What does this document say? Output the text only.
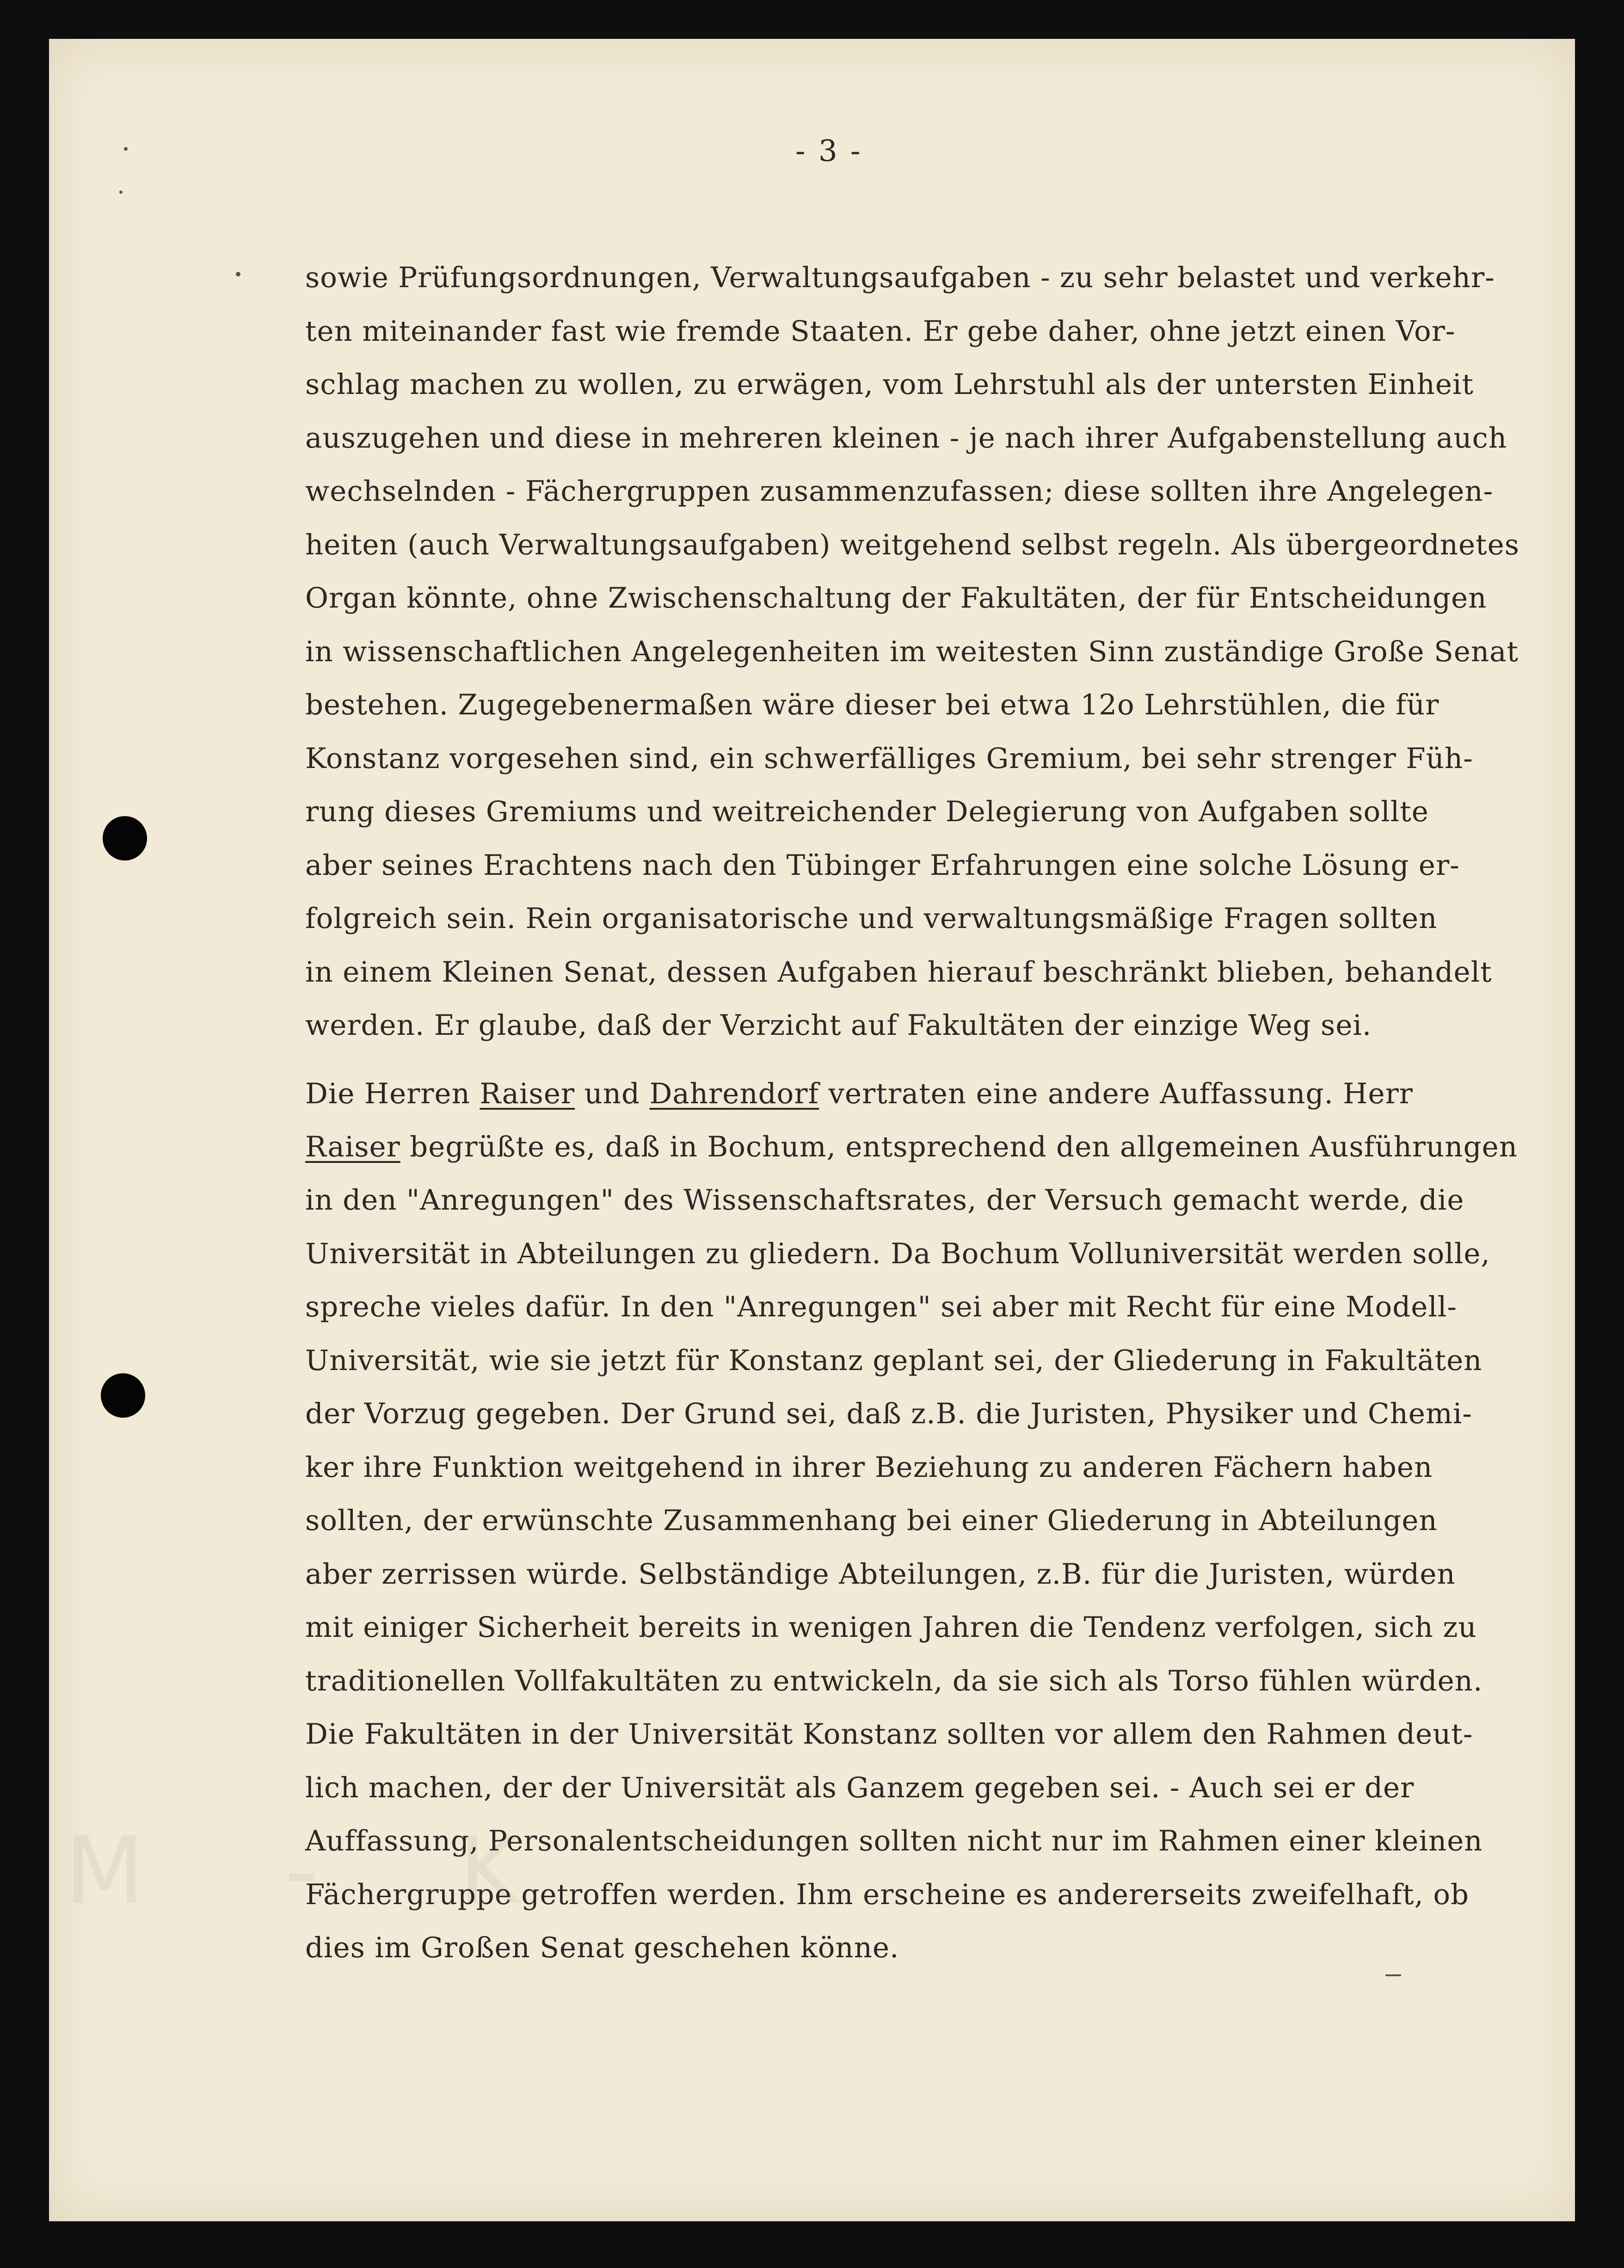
M - K
- 3 -
sowie Prüfungsordnungen, Verwaltungsaufgaben - zu sehr belastet und verkehr-
ten miteinander fast wie fremde Staaten. Er gebe daher, ohne jetzt einen Vor-
schlag machen zu wollen, zu erwägen, vom Lehrstuhl als der untersten Einheit
auszugehen und diese in mehreren kleinen - je nach ihrer Aufgabenstellung auch
wechselnden - Fächergruppen zusammenzufassen; diese sollten ihre Angelegen-
heiten (auch Verwaltungsaufgaben) weitgehend selbst regeln. Als übergeordnetes
Organ könnte, ohne Zwischenschaltung der Fakultäten, der für Entscheidungen
in wissenschaftlichen Angelegenheiten im weitesten Sinn zuständige Große Senat
bestehen. Zugegebenermaßen wäre dieser bei etwa 12o Lehrstühlen, die für
Konstanz vorgesehen sind, ein schwerfälliges Gremium, bei sehr strenger Füh-
rung dieses Gremiums und weitreichender Delegierung von Aufgaben sollte
aber seines Erachtens nach den Tübinger Erfahrungen eine solche Lösung er-
folgreich sein. Rein organisatorische und verwaltungsmäßige Fragen sollten
in einem Kleinen Senat, dessen Aufgaben hierauf beschränkt blieben, behandelt
werden. Er glaube, daß der Verzicht auf Fakultäten der einzige Weg sei.
Die Herren Raiser und Dahrendorf vertraten eine andere Auffassung. Herr
Raiser begrüßte es, daß in Bochum, entsprechend den allgemeinen Ausführungen
in den "Anregungen" des Wissenschaftsrates, der Versuch gemacht werde, die
Universität in Abteilungen zu gliedern. Da Bochum Volluniversität werden solle,
spreche vieles dafür. In den "Anregungen" sei aber mit Recht für eine Modell-
Universität, wie sie jetzt für Konstanz geplant sei, der Gliederung in Fakultäten
der Vorzug gegeben. Der Grund sei, daß z.B. die Juristen, Physiker und Chemi-
ker ihre Funktion weitgehend in ihrer Beziehung zu anderen Fächern haben
sollten, der erwünschte Zusammenhang bei einer Gliederung in Abteilungen
aber zerrissen würde. Selbständige Abteilungen, z.B. für die Juristen, würden
mit einiger Sicherheit bereits in wenigen Jahren die Tendenz verfolgen, sich zu
traditionellen Vollfakultäten zu entwickeln, da sie sich als Torso fühlen würden.
Die Fakultäten in der Universität Konstanz sollten vor allem den Rahmen deut-
lich machen, der der Universität als Ganzem gegeben sei. - Auch sei er der
Auffassung, Personalentscheidungen sollten nicht nur im Rahmen einer kleinen
Fächergruppe getroffen werden. Ihm erscheine es andererseits zweifelhaft, ob
dies im Großen Senat geschehen könne.
